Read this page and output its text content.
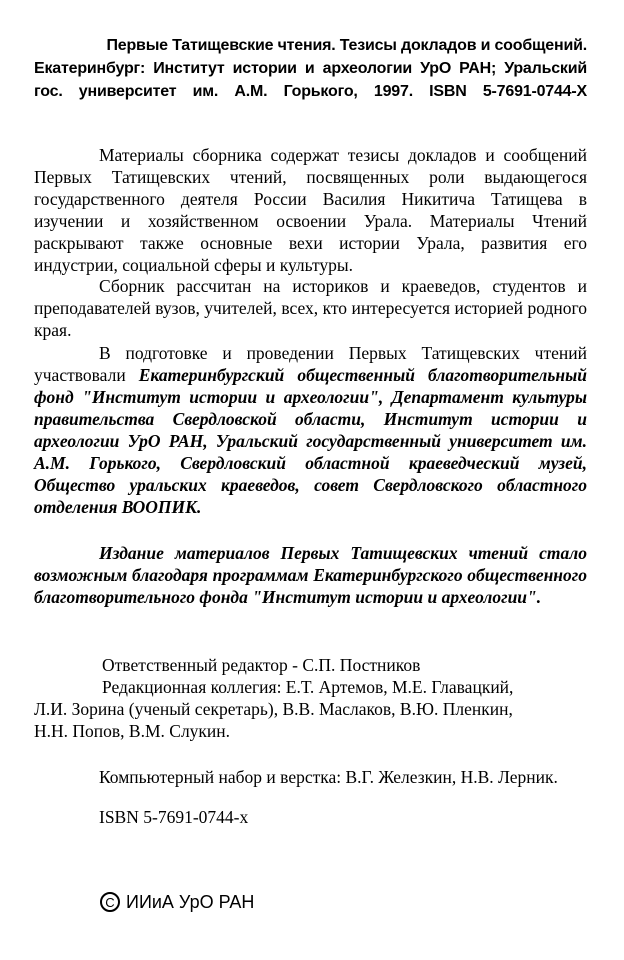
Первые Татищевские чтения. Тезисы докладов и сообщений.
Екатеринбург: Институт истории и археологии УрО РАН; Уральский
гос. университет им. А.М. Горького, 1997. ISBN 5-7691-0744-Х

Материалы сборника содержат тезисы докладов и сообщений Первых Татищевских чтений, посвященных роли выдающегося государственного деятеля России Василия Никитича Татищева в изучении и хозяйственном освоении Урала. Материалы Чтений раскрывают также основные вехи истории Урала, развития его индустрии, социальной сферы и культуры.

Сборник рассчитан на историков и краеведов, студентов и преподавателей вузов, учителей, всех, кто интересуется историей родного края.

В подготовке и проведении Первых Татищевских чтений участвовали Екатеринбургский общественный благотворительный фонд "Институт истории и археологии", Департамент культуры правительства Свердловской области, Институт истории и археологии УрО РАН, Уральский государственный университет им. А.М. Горького, Свердловский областной краеведческий музей, Общество уральских краеведов, совет Свердловского областного отделения ВООПИК.

Издание материалов Первых Татищевских чтений стало возможным благодаря программам Екатеринбургского общественного благотворительного фонда "Институт истории и археологии".

Ответственный редактор - С.П. Постников
Редакционная коллегия: Е.Т. Артемов, М.Е. Главацкий,
Л.И. Зорина (ученый секретарь), В.В. Маслаков, В.Ю. Пленкин,
Н.Н. Попов, В.М. Слукин.

Компьютерный набор и верстка: В.Г. Железкин, Н.В. Лерник.

ISBN 5-7691-0744-х

C ИИиА УрО РАН
